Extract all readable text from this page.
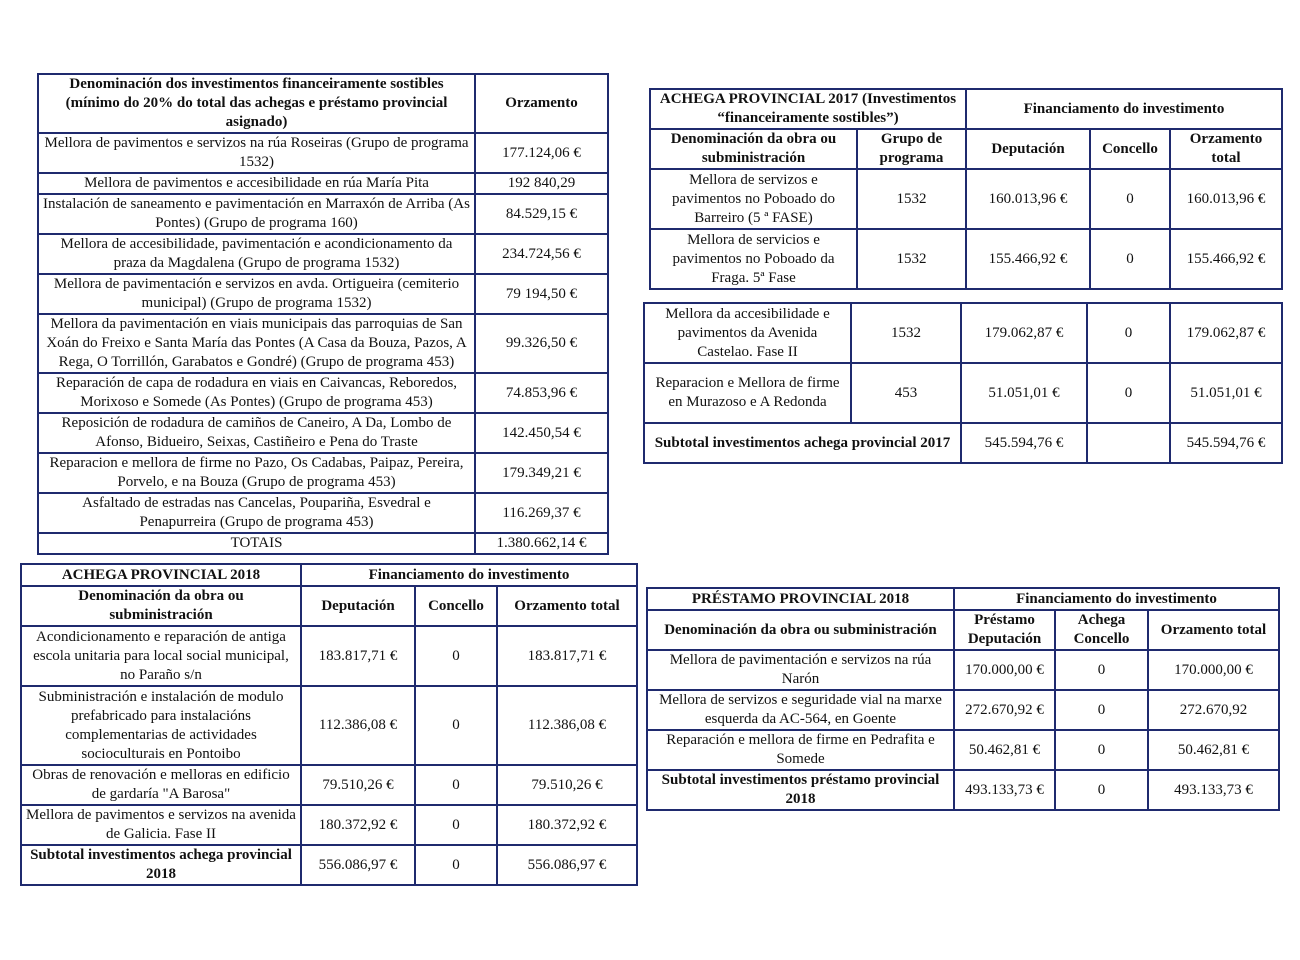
Denominación dos investimentos financeiramente sostibles (mínimo do 20% do total das achegas e préstamo provincial asignado)	Orzamento
Mellora de pavimentos e servizos na rúa Roseiras (Grupo de programa 1532)	177.124,06 €
Mellora de pavimentos e accesibilidade en rúa María Pita	192 840,29
Instalación de saneamento e pavimentación en Marraxón de Arriba (As Pontes) (Grupo de programa 160)	84.529,15 €
Mellora de accesibilidade, pavimentación e acondicionamento da praza da Magdalena (Grupo de programa 1532)	234.724,56 €
Mellora de pavimentación e servizos en avda. Ortigueira (cemiterio municipal) (Grupo de programa 1532)	79 194,50 €
Mellora da pavimentación en viais municipais das parroquias de San Xoán do Freixo e Santa María das Pontes (A Casa da Bouza, Pazos, A Rega, O Torrillón, Garabatos e Gondré) (Grupo de programa 453)	99.326,50 €
Reparación de capa de rodadura en viais en Caivancas, Reboredos, Morixoso e Somede (As Pontes) (Grupo de programa 453)	74.853,96 €
Reposición de rodadura de camiños de Caneiro, A Da, Lombo de Afonso, Bidueiro, Seixas, Castiñeiro e Pena do Traste	142.450,54 €
Reparacion e mellora de firme no Pazo, Os Cadabas, Paipaz, Pereira, Porvelo, e na Bouza (Grupo de programa 453)	179.349,21 €
Asfaltado de estradas nas Cancelas, Poupariña, Esvedral e Penapurreira (Grupo de programa 453)	116.269,37 €
TOTAIS	1.380.662,14 €
ACHEGA PROVINCIAL 2017 (Investimentos “financeiramente sostibles”)		Financiamento do investimento		
Denominación da obra ou subministración	Grupo de programa	Deputación	Concello	Orzamento total
Mellora de servizos e pavimentos no Poboado do Barreiro (5 ª FASE)	1532	160.013,96 €	0	160.013,96 €
Mellora de servicios e pavimentos no Poboado da Fraga. 5ª Fase	1532	155.466,92 €	0	155.466,92 €
Mellora da accesibilidade e pavimentos da Avenida Castelao. Fase II	1532	179.062,87 €	0	179.062,87 €
Reparacion e Mellora de firme en Murazoso e A Redonda	453	51.051,01 €	0	51.051,01 €
Subtotal investimentos achega provincial 2017		545.594,76 €		545.594,76 €
ACHEGA PROVINCIAL 2018	Financiamento do investimento		
Denominación da obra ou subministración	Deputación	Concello	Orzamento total
Acondicionamento e reparación de antiga escola unitaria para local social municipal, no Paraño s/n	183.817,71 €	0	183.817,71 €
Subministración e instalación de modulo prefabricado para instalacións complementarias de actividades socioculturais en Pontoibo	112.386,08 €	0	112.386,08 €
Obras de renovación e melloras en edificio de gardaría "A Barosa"	79.510,26 €	0	79.510,26 €
Mellora de pavimentos e servizos na avenida de Galicia. Fase II	180.372,92 €	0	180.372,92 €
Subtotal investimentos achega provincial 2018	556.086,97 €	0	556.086,97 €
PRÉSTAMO PROVINCIAL 2018	Financiamento do investimento		
Denominación da obra ou subministración	Préstamo Deputación	Achega Concello	Orzamento total
Mellora de pavimentación e servizos na rúa Narón	170.000,00 €	0	170.000,00 €
Mellora de servizos e seguridade vial na marxe esquerda da AC-564, en Goente	272.670,92 €	0	272.670,92
Reparación e mellora de firme en Pedrafita e Somede	50.462,81 €	0	50.462,81 €
Subtotal investimentos préstamo provincial 2018	493.133,73 €	0	493.133,73 €
